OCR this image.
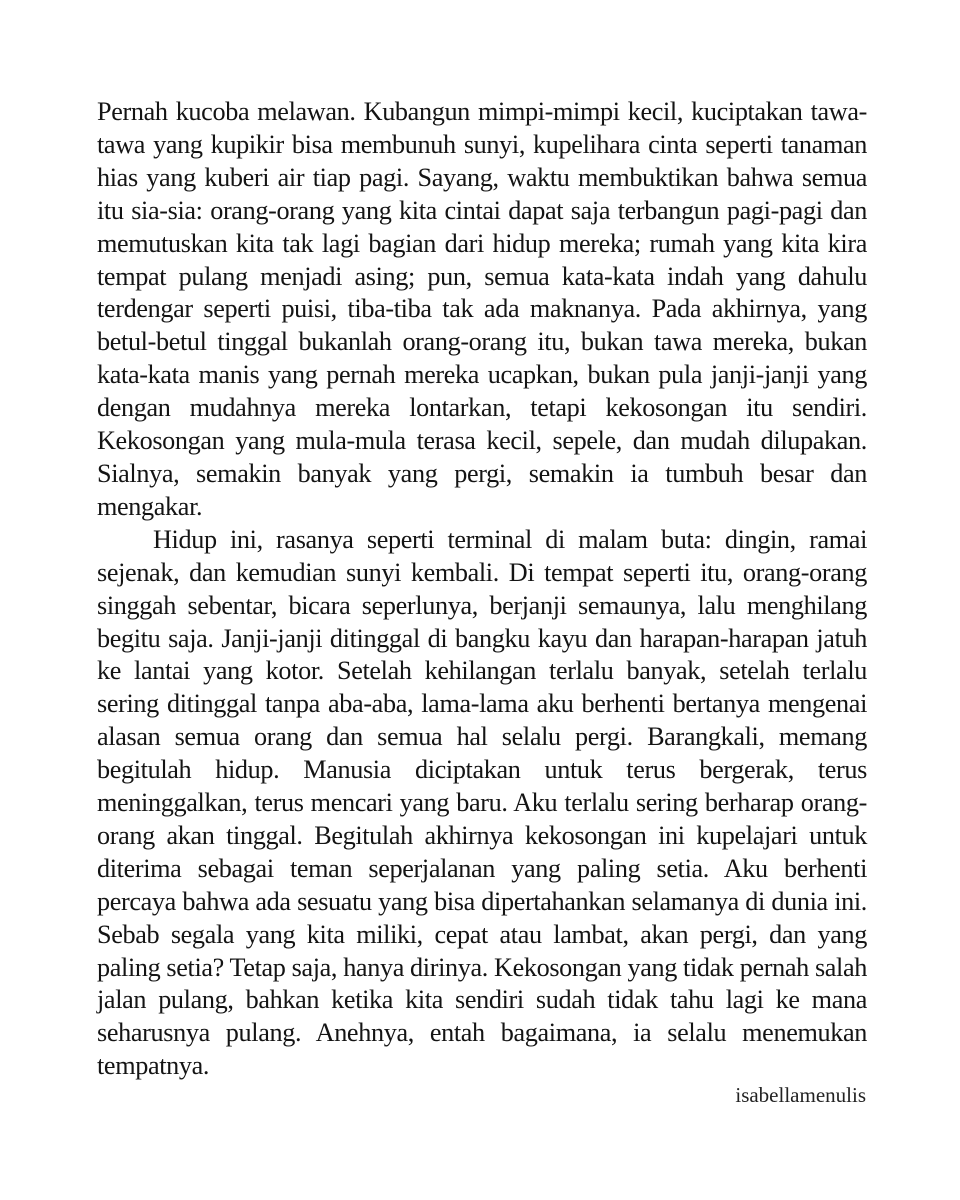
Pernah kucoba melawan. Kubangun mimpi-mimpi kecil, kuciptakan tawa-tawa yang kupikir bisa membunuh sunyi, kupelihara cinta seperti tanaman hias yang kuberi air tiap pagi. Sayang, waktu membuktikan bahwa semua itu sia-sia: orang-orang yang kita cintai dapat saja terbangun pagi-pagi dan memutuskan kita tak lagi bagian dari hidup mereka; rumah yang kita kira tempat pulang menjadi asing; pun, semua kata-kata indah yang dahulu terdengar seperti puisi, tiba-tiba tak ada maknanya. Pada akhirnya, yang betul-betul tinggal bukanlah orang-orang itu, bukan tawa mereka, bukan kata-kata manis yang pernah mereka ucapkan, bukan pula janji-janji yang dengan mudahnya mereka lontarkan, tetapi kekosongan itu sendiri. Kekosongan yang mula-mula terasa kecil, sepele, dan mudah dilupakan. Sialnya, semakin banyak yang pergi, semakin ia tumbuh besar dan mengakar.

Hidup ini, rasanya seperti terminal di malam buta: dingin, ramai sejenak, dan kemudian sunyi kembali. Di tempat seperti itu, orang-orang singgah sebentar, bicara seperlunya, berjanji semaunya, lalu menghilang begitu saja. Janji-janji ditinggal di bangku kayu dan harapan-harapan jatuh ke lantai yang kotor. Setelah kehilangan terlalu banyak, setelah terlalu sering ditinggal tanpa aba-aba, lama-lama aku berhenti bertanya mengenai alasan semua orang dan semua hal selalu pergi. Barangkali, memang begitulah hidup. Manusia diciptakan untuk terus bergerak, terus meninggalkan, terus mencari yang baru. Aku terlalu sering berharap orang-orang akan tinggal. Begitulah akhirnya kekosongan ini kupelajari untuk diterima sebagai teman seperjalanan yang paling setia. Aku berhenti percaya bahwa ada sesuatu yang bisa dipertahankan selamanya di dunia ini. Sebab segala yang kita miliki, cepat atau lambat, akan pergi, dan yang paling setia? Tetap saja, hanya dirinya. Kekosongan yang tidak pernah salah jalan pulang, bahkan ketika kita sendiri sudah tidak tahu lagi ke mana seharusnya pulang. Anehnya, entah bagaimana, ia selalu menemukan tempatnya.

isabellamenulis
